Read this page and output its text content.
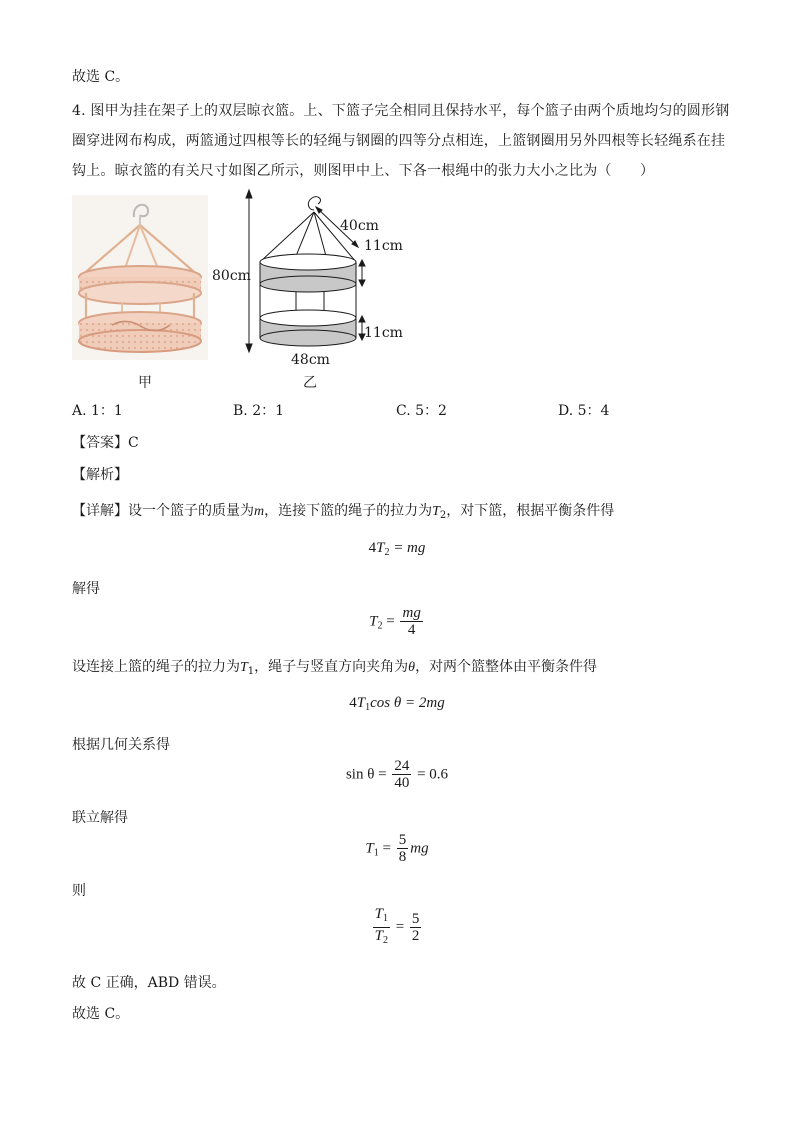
故选 C。
4. 图甲为挂在架子上的双层晾衣篮。上、下篮子完全相同且保持水平，每个篮子由两个质地均匀的圆形钢
圈穿进网布构成，两篮通过四根等长的轻绳与钢圈的四等分点相连，上篮钢圈用另外四根等长轻绳系在挂
钩上。晾衣篮的有关尺寸如图乙所示，则图甲中上、下各一根绳中的张力大小之比为（　　）
甲
40cm
80cm
11cm
11cm
48cm
乙
A. 1：1	B. 2：1	C. 5：2	D. 5：4
【答案】C
【解析】
【详解】设一个篮子的质量为m，连接下篮的绳子的拉力为$T_2$，对下篮，根据平衡条件得
$4T_2$ = mg
解得
$T_2 = \frac{mg}{4}$
设连接上篮的绳子的拉力为$T_1$，绳子与竖直方向夹角为θ，对两个篮整体由平衡条件得
$4T_1\cos$ θ = 2mg
根据几何关系得
$\sin \theta = \frac{24}{40} = 0.6$
联立解得
$T_1 = \frac{5}{8}$ mg
则
$\frac{T_1}{T_2} = \frac{5}{2}$
故 C 正确，ABD 错误。
故选 C。
